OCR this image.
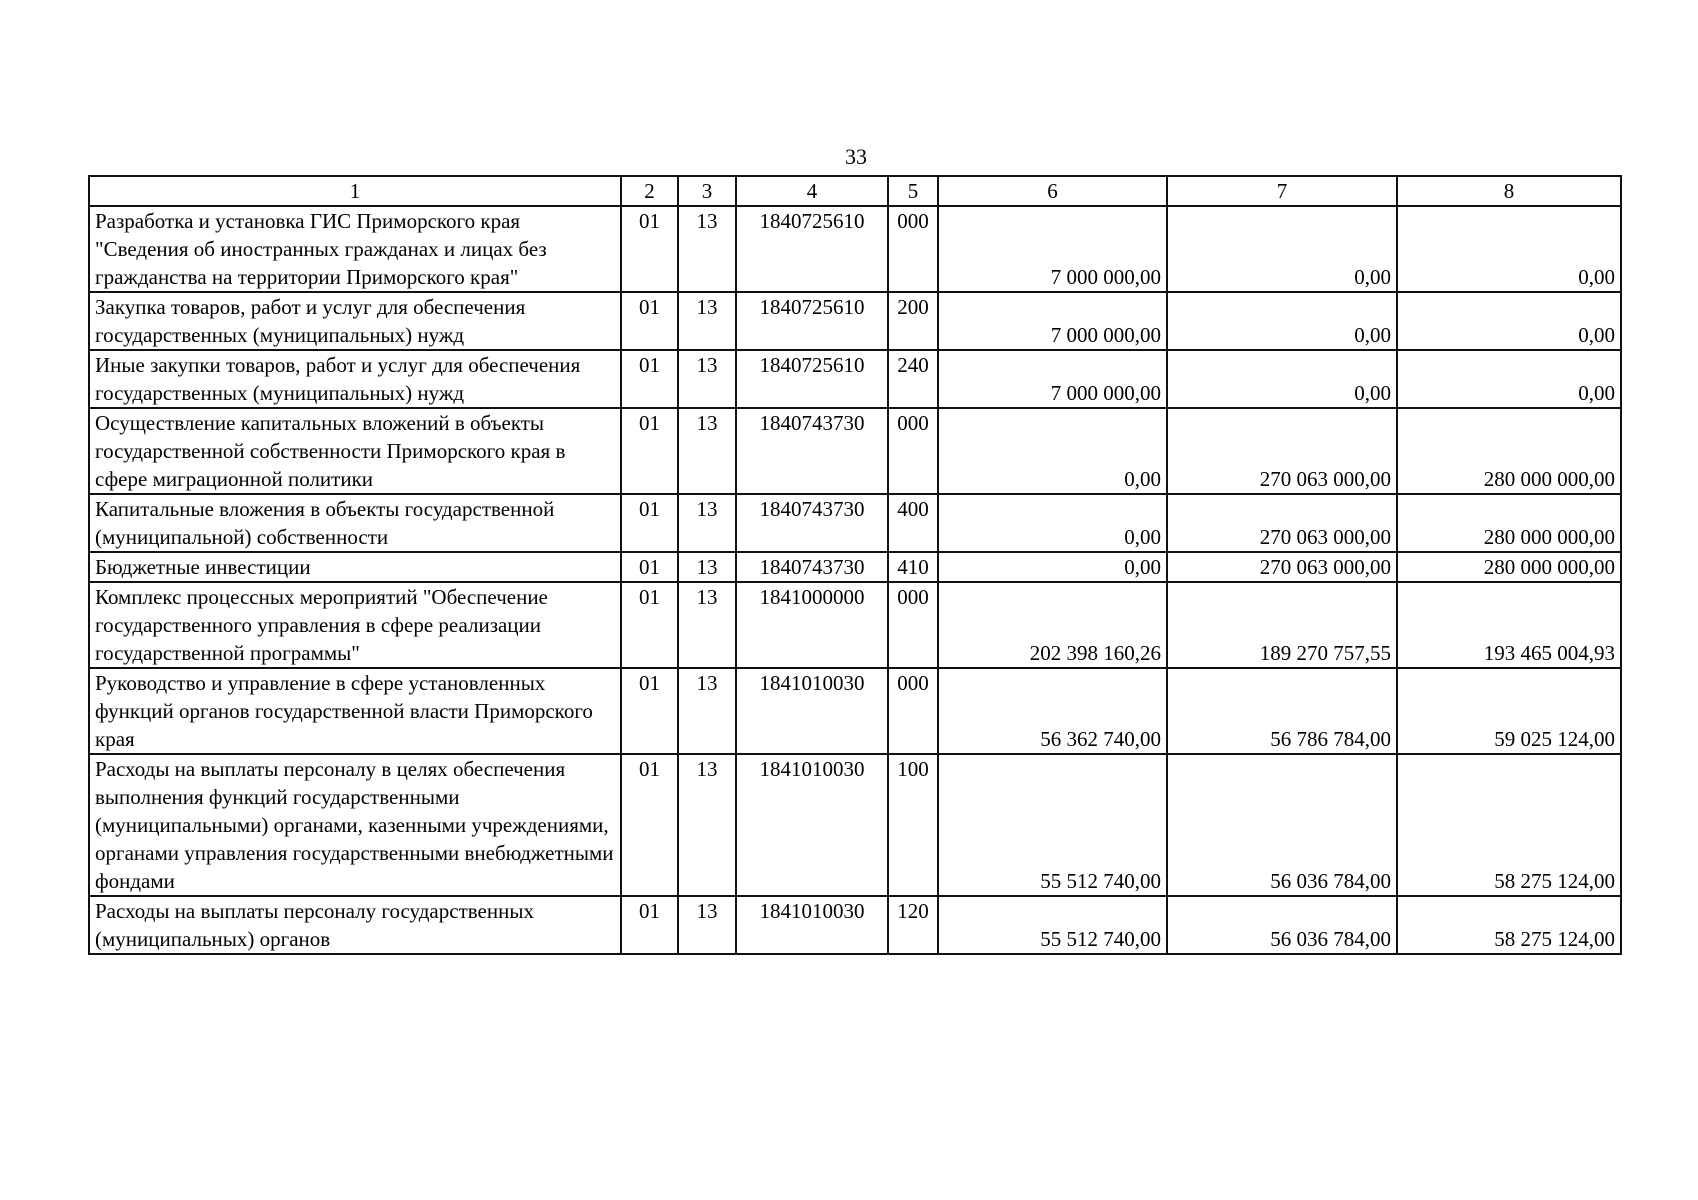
33
1	2	3	4	5	6	7	8
Разработка и установка ГИС Приморского края "Сведения об иностранных гражданах и лицах без гражданства на территории Приморского края"	01	13	1840725610	000	7 000 000,00	0,00	0,00
Закупка товаров, работ и услуг для обеспечения государственных (муниципальных) нужд	01	13	1840725610	200	7 000 000,00	0,00	0,00
Иные закупки товаров, работ и услуг для обеспечения государственных (муниципальных) нужд	01	13	1840725610	240	7 000 000,00	0,00	0,00
Осуществление капитальных вложений в объекты государственной собственности Приморского края в сфере миграционной политики	01	13	1840743730	000	0,00	270 063 000,00	280 000 000,00
Капитальные вложения в объекты государственной (муниципальной) собственности	01	13	1840743730	400	0,00	270 063 000,00	280 000 000,00
Бюджетные инвестиции	01	13	1840743730	410	0,00	270 063 000,00	280 000 000,00
Комплекс процессных мероприятий "Обеспечение государственного управления в сфере реализации государственной программы"	01	13	1841000000	000	202 398 160,26	189 270 757,55	193 465 004,93
Руководство и управление в сфере установленных функций органов государственной власти Приморского края	01	13	1841010030	000	56 362 740,00	56 786 784,00	59 025 124,00
Расходы на выплаты персоналу в целях обеспечения выполнения функций государственными (муниципальными) органами, казенными учреждениями, органами управления государственными внебюджетными фондами	01	13	1841010030	100	55 512 740,00	56 036 784,00	58 275 124,00
Расходы на выплаты персоналу государственных (муниципальных) органов	01	13	1841010030	120	55 512 740,00	56 036 784,00	58 275 124,00
